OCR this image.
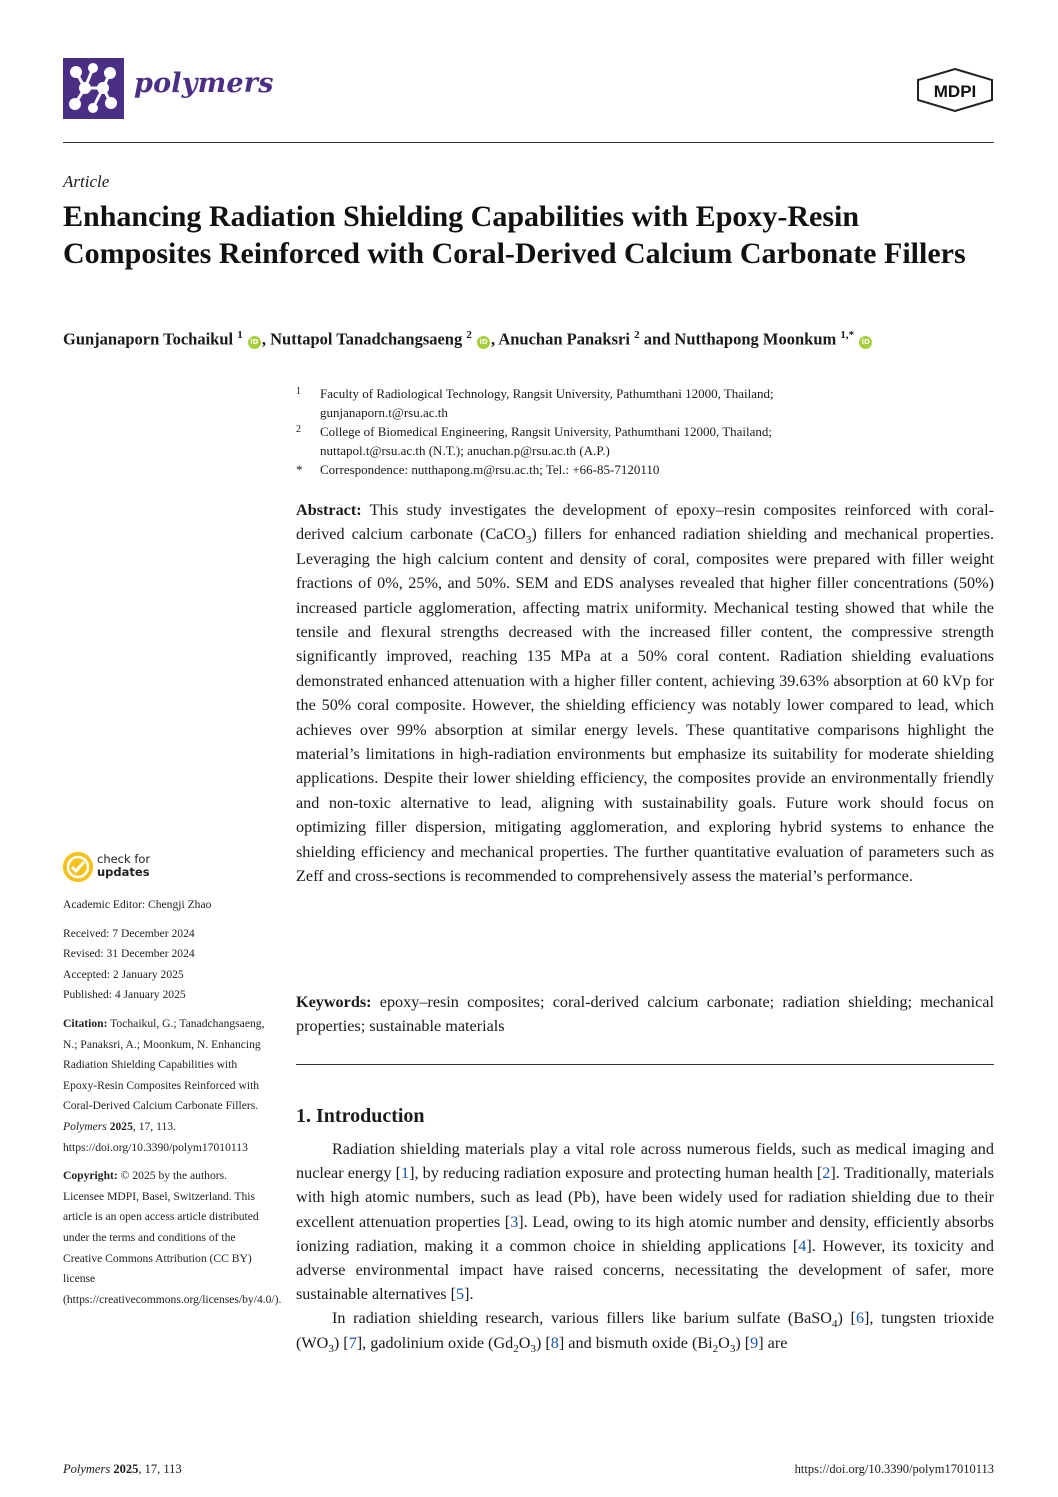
polymers	MDPI
Article
Enhancing Radiation Shielding Capabilities with Epoxy-Resin Composites Reinforced with Coral-Derived Calcium Carbonate Fillers
Gunjanaporn Tochaikul $^1$ iD , Nuttapol Tanadchangsaeng $^2$ iD , Anuchan Panaksri $^2$ and Nutthapong Moonkum $^{1,*}$ iD
1 Faculty of Radiological Technology, Rangsit University, Pathumthani 12000, Thailand;
gunjanaporn.t@rsu.ac.th
2 College of Biomedical Engineering, Rangsit University, Pathumthani 12000, Thailand;
nuttapol.t@rsu.ac.th (N.T.); anuchan.p@rsu.ac.th (A.P.)
* Correspondence: nutthapong.m@rsu.ac.th; Tel.: +66-85-7120110
Abstract: This study investigates the development of epoxy–resin composites reinforced with coral-derived calcium carbonate (CaCO$_3$) fillers for enhanced radiation shielding and mechanical properties. Leveraging the high calcium content and density of coral, composites were prepared with filler weight fractions of 0%, 25%, and 50%. SEM and EDS analyses revealed that higher filler concentrations (50%) increased particle agglomeration, affecting matrix uniformity. Mechanical testing showed that while the tensile and flexural strengths decreased with the increased filler content, the compressive strength significantly improved, reaching 135 MPa at a 50% coral content. Radiation shielding evaluations demonstrated enhanced attenuation with a higher filler content, achieving 39.63% absorption at 60 kVp for the 50% coral composite. However, the shielding efficiency was notably lower compared to lead, which achieves over 99% absorption at similar energy levels. These quantitative comparisons highlight the material’s limitations in high-radiation environments but emphasize its suitability for moderate shielding applications. Despite their lower shielding efficiency, the composites provide an environmentally friendly and non-toxic alternative to lead, aligning with sustainability goals. Future work should focus on optimizing filler dispersion, mitigating agglomeration, and exploring hybrid systems to enhance the shielding efficiency and mechanical properties. The further quantitative evaluation of parameters such as Zeff and cross-sections is recommended to comprehensively assess the material’s performance.
Keywords: epoxy–resin composites; coral-derived calcium carbonate; radiation shielding; mechanical properties; sustainable materials
1. Introduction

Radiation shielding materials play a vital role across numerous fields, such as medical imaging and nuclear energy [1], by reducing radiation exposure and protecting human health [2]. Traditionally, materials with high atomic numbers, such as lead (Pb), have been widely used for radiation shielding due to their excellent attenuation properties [3]. Lead, owing to its high atomic number and density, efficiently absorbs ionizing radiation, making it a common choice in shielding applications [4]. However, its toxicity and adverse environmental impact have raised concerns, necessitating the development of safer, more sustainable alternatives [5].

In radiation shielding research, various fillers like barium sulfate (BaSO$_4$) [6], tungsten trioxide $(WO_3)$ [7], gadolinium oxide $(Gd_2O_3)$ [8] and bismuth oxide $(Bi_2O_3)$ [9] are

check for
updates
Academic Editor: Chengji Zhao
Received: 7 December 2024
Revised: 31 December 2024
Accepted: 2 January 2025
Published: 4 January 2025
Citation: Tochaikul, G.; Tanadchangsaeng, N.; Panaksri, A.; Moonkum, N. Enhancing Radiation Shielding Capabilities with Epoxy-Resin Composites Reinforced with Coral-Derived Calcium Carbonate Fillers. Polymers 2025, 17, 113. https://doi.org/10.3390/polym17010113
Copyright: © 2025 by the authors. Licensee MDPI, Basel, Switzerland. This article is an open access article distributed under the terms and conditions of the Creative Commons Attribution (CC BY) license (https://creativecommons.org/licenses/by/4.0/).
Polymers 2025, 17, 113	https://doi.org/10.3390/polym17010113
